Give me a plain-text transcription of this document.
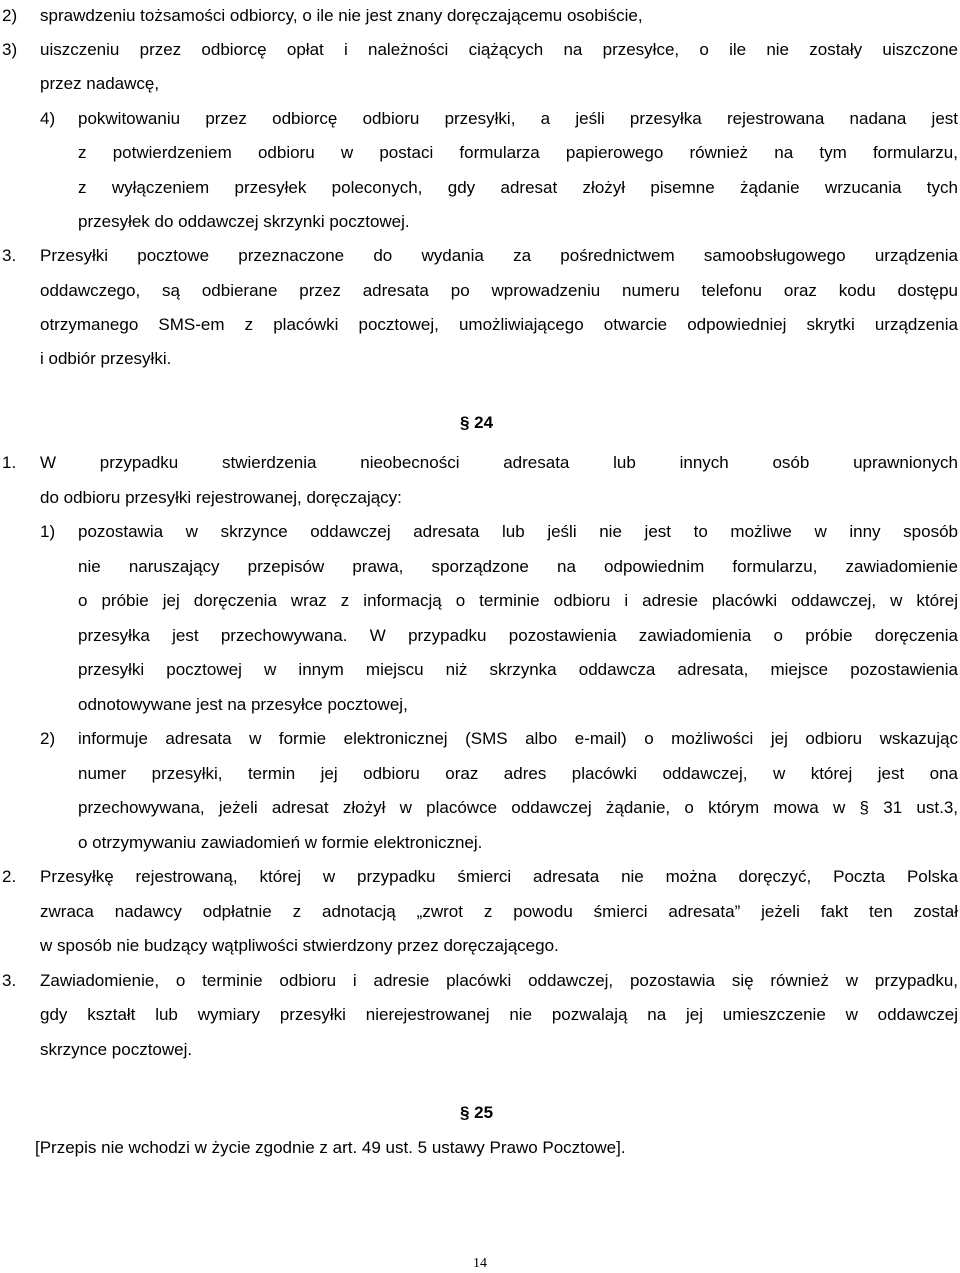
2) sprawdzeniu tożsamości odbiorcy, o ile nie jest znany doręczającemu osobiście,
3) uiszczeniu przez odbiorcę opłat i należności ciążących na przesyłce, o ile nie zostały uiszczone
przez nadawcę,
4) pokwitowaniu przez odbiorcę odbioru przesyłki, a jeśli przesyłka rejestrowana nadana jest
z potwierdzeniem odbioru w postaci formularza papierowego również na tym formularzu,
z wyłączeniem przesyłek poleconych, gdy adresat złożył pisemne żądanie wrzucania tych
przesyłek do oddawczej skrzynki pocztowej.
3. Przesyłki pocztowe przeznaczone do wydania za pośrednictwem samoobsługowego urządzenia
oddawczego, są odbierane przez adresata po wprowadzeniu numeru telefonu oraz kodu dostępu
otrzymanego SMS-em z placówki pocztowej, umożliwiającego otwarcie odpowiedniej skrytki urządzenia
i odbiór przesyłki.
§ 24
1. W przypadku stwierdzenia nieobecności adresata lub innych osób uprawnionych
do odbioru przesyłki rejestrowanej, doręczający:
1) pozostawia w skrzynce oddawczej adresata lub jeśli nie jest to możliwe w inny sposób
nie naruszający przepisów prawa, sporządzone na odpowiednim formularzu, zawiadomienie
o próbie jej doręczenia wraz z informacją o terminie odbioru i adresie placówki oddawczej, w której
przesyłka jest przechowywana. W przypadku pozostawienia zawiadomienia o próbie doręczenia
przesyłki pocztowej w innym miejscu niż skrzynka oddawcza adresata, miejsce pozostawienia
odnotowywane jest na przesyłce pocztowej,
2) informuje adresata w formie elektronicznej (SMS albo e-mail) o możliwości jej odbioru wskazując
numer przesyłki, termin jej odbioru oraz adres placówki oddawczej, w której jest ona
przechowywana, jeżeli adresat złożył w placówce oddawczej żądanie, o którym mowa w § 31 ust.3,
o otrzymywaniu zawiadomień w formie elektronicznej.
2. Przesyłkę rejestrowaną, której w przypadku śmierci adresata nie można doręczyć, Poczta Polska
zwraca nadawcy odpłatnie z adnotacją „zwrot z powodu śmierci adresata” jeżeli fakt ten został
w sposób nie budzący wątpliwości stwierdzony przez doręczającego.
3. Zawiadomienie, o terminie odbioru i adresie placówki oddawczej, pozostawia się również w przypadku,
gdy kształt lub wymiary przesyłki nierejestrowanej nie pozwalają na jej umieszczenie w oddawczej
skrzynce pocztowej.
§ 25
[Przepis nie wchodzi w życie zgodnie z art. 49 ust. 5 ustawy Prawo Pocztowe].
14
